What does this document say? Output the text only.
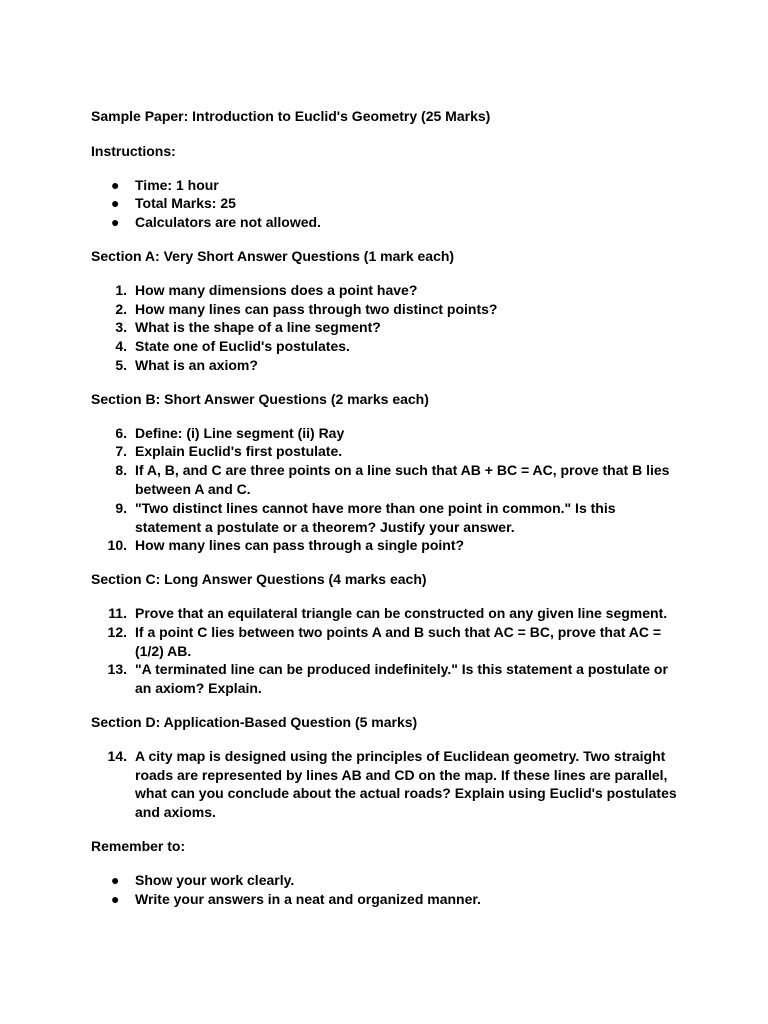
Sample Paper: Introduction to Euclid's Geometry (25 Marks)

Instructions:

●	Time: 1 hour
●	Total Marks: 25
●	Calculators are not allowed.

Section A: Very Short Answer Questions (1 mark each)

1. How many dimensions does a point have?
2. How many lines can pass through two distinct points?
3. What is the shape of a line segment?
4. State one of Euclid's postulates.
5. What is an axiom?

Section B: Short Answer Questions (2 marks each)

6. Define: (i) Line segment (ii) Ray
7. Explain Euclid's first postulate.
8. If A, B, and C are three points on a line such that AB + BC = AC, prove that B lies between A and C.
9. "Two distinct lines cannot have more than one point in common." Is this statement a postulate or a theorem? Justify your answer.
10. How many lines can pass through a single point?

Section C: Long Answer Questions (4 marks each)

11. Prove that an equilateral triangle can be constructed on any given line segment.
12. If a point C lies between two points A and B such that AC = BC, prove that AC = (1/2) AB.
13. "A terminated line can be produced indefinitely." Is this statement a postulate or an axiom? Explain.

Section D: Application-Based Question (5 marks)

14. A city map is designed using the principles of Euclidean geometry. Two straight roads are represented by lines AB and CD on the map. If these lines are parallel, what can you conclude about the actual roads? Explain using Euclid's postulates and axioms.

Remember to:

●	Show your work clearly.
●	Write your answers in a neat and organized manner.
